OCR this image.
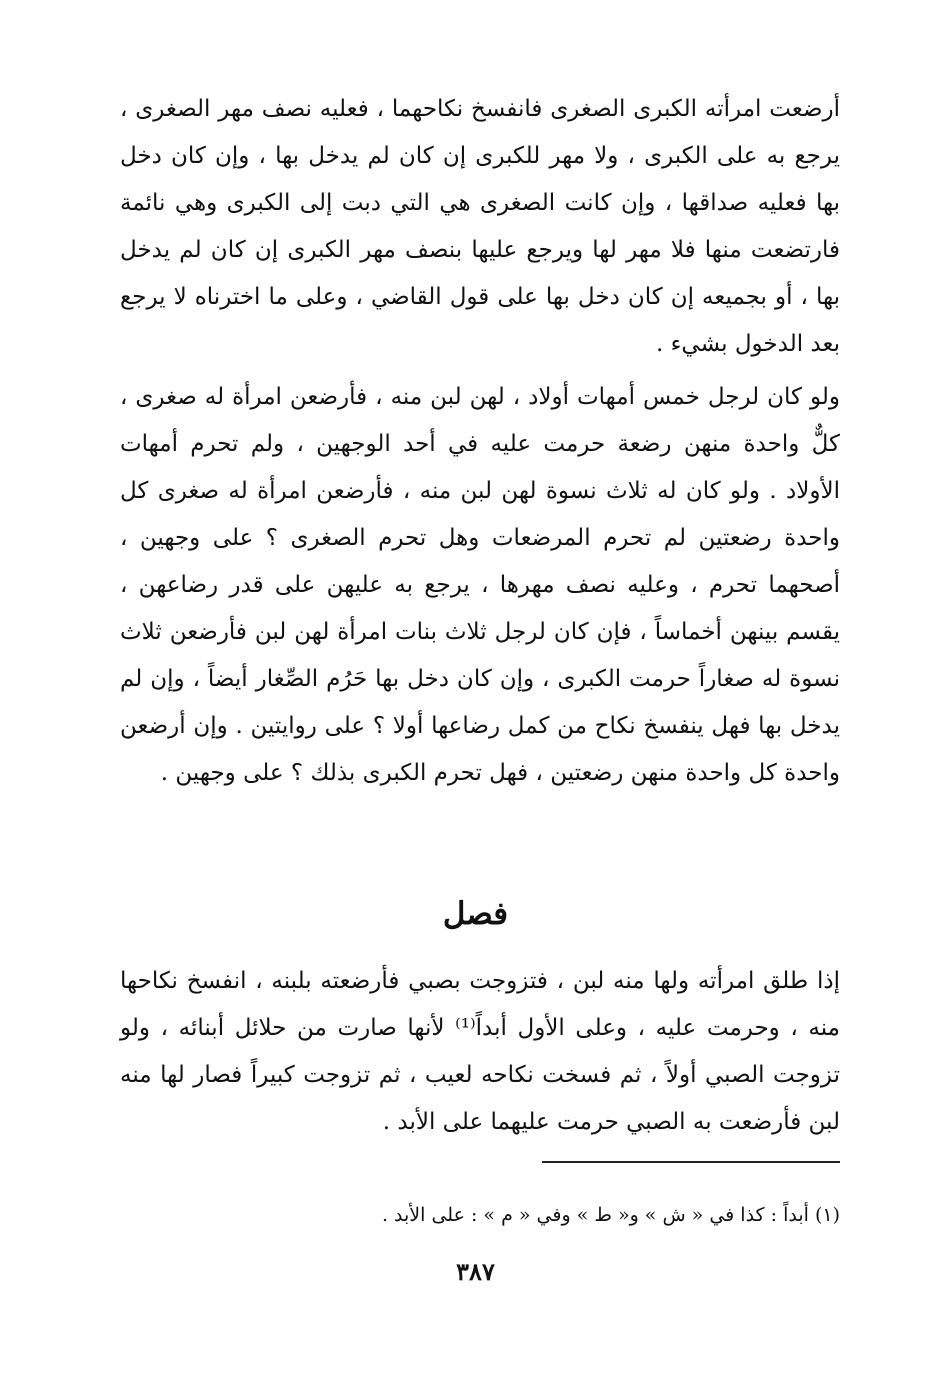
أرضعت امرأته الكبرى الصغرى فانفسخ نكاحهما ، فعليه نصف مهر الصغرى ، يرجع به على الكبرى ، ولا مهر للكبرى إن كان لم يدخل بها ، وإن كان دخل بها فعليه صداقها ، وإن كانت الصغرى هي التي دبت إلى الكبرى وهي نائمة فارتضعت منها فلا مهر لها ويرجع عليها بنصف مهر الكبرى إن كان لم يدخل بها ، أو بجميعه إن كان دخل بها على قول القاضي ، وعلى ما اخترناه لا يرجع بعد الدخول بشيء .

ولو كان لرجل خمس أمهات أولاد ، لهن لبن منه ، فأرضعن امرأة له صغرى ، كلٌّ واحدة منهن رضعة حرمت عليه في أحد الوجهين ، ولم تحرم أمهات الأولاد . ولو كان له ثلاث نسوة لهن لبن منه ، فأرضعن امرأة له صغرى كل واحدة رضعتين لم تحرم المرضعات وهل تحرم الصغرى ؟ على وجهين ، أصحهما تحرم ، وعليه نصف مهرها ، يرجع به عليهن على قدر رضاعهن ، يقسم بينهن أخماساً ، فإن كان لرجل ثلاث بنات امرأة لهن لبن فأرضعن ثلاث نسوة له صغاراً حرمت الكبرى ، وإن كان دخل بها حَرُم الصِّغار أيضاً ، وإن لم يدخل بها فهل ينفسخ نكاح من كمل رضاعها أولا ؟ على روايتين . وإن أرضعن واحدة كل واحدة منهن رضعتين ، فهل تحرم الكبرى بذلك ؟ على وجهين .

فصل

إذا طلق امرأته ولها منه لبن ، فتزوجت بصبي فأرضعته بلبنه ، انفسخ نكاحها منه ، وحرمت عليه ، وعلى الأول أبداً⁽¹⁾ لأنها صارت من حلائل أبنائه ، ولو تزوجت الصبي أولاً ، ثم فسخت نكاحه لعيب ، ثم تزوجت كبيراً فصار لها منه لبن فأرضعت به الصبي حرمت عليهما على الأبد .

(١) أبداً : كذا في « ش » و« ط » وفي « م » : على الأبد .
٣٨٧
